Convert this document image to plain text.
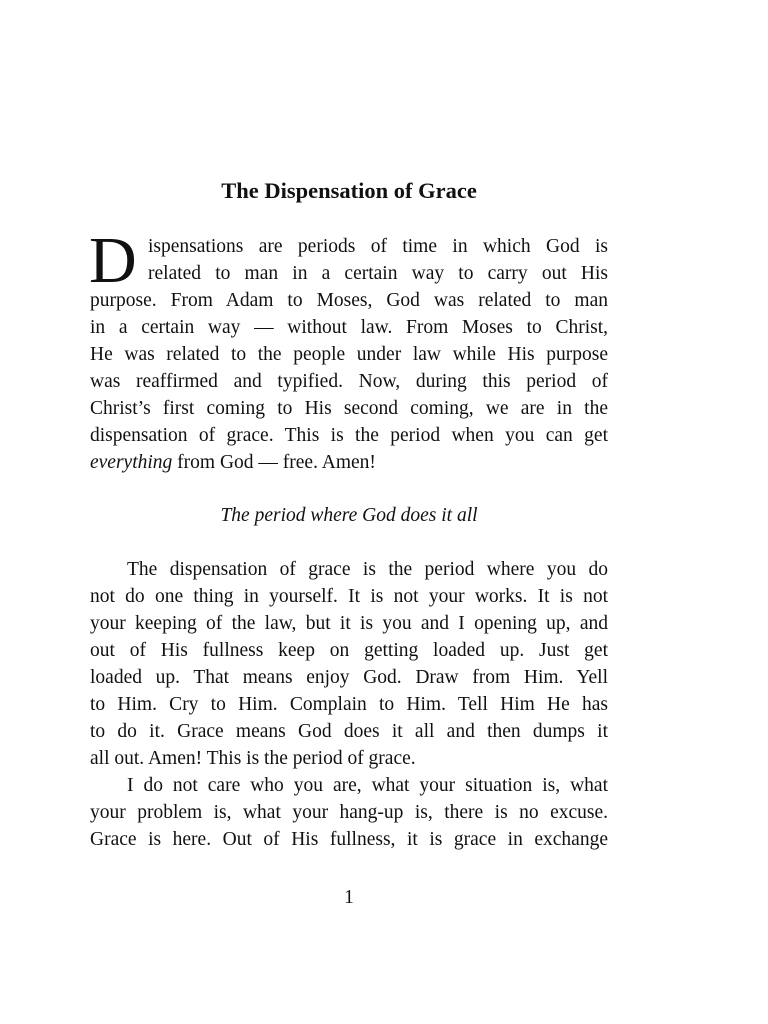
The Dispensation of Grace
D ispensations are periods of time in which God is
related to man in a certain way to carry out His
purpose. From Adam to Moses, God was related to man
in a certain way — without law. From Moses to Christ,
He was related to the people under law while His purpose
was reaffirmed and typified. Now, during this period of
Christ’s first coming to His second coming, we are in the
dispensation of grace. This is the period when you can get
everything from God — free. Amen!
The period where God does it all
The dispensation of grace is the period where you do
not do one thing in yourself. It is not your works. It is not
your keeping of the law, but it is you and I opening up, and
out of His fullness keep on getting loaded up. Just get
loaded up. That means enjoy God. Draw from Him. Yell
to Him. Cry to Him. Complain to Him. Tell Him He has
to do it. Grace means God does it all and then dumps it
all out. Amen! This is the period of grace.
I do not care who you are, what your situation is, what
your problem is, what your hang-up is, there is no excuse.
Grace is here. Out of His fullness, it is grace in exchange
1
